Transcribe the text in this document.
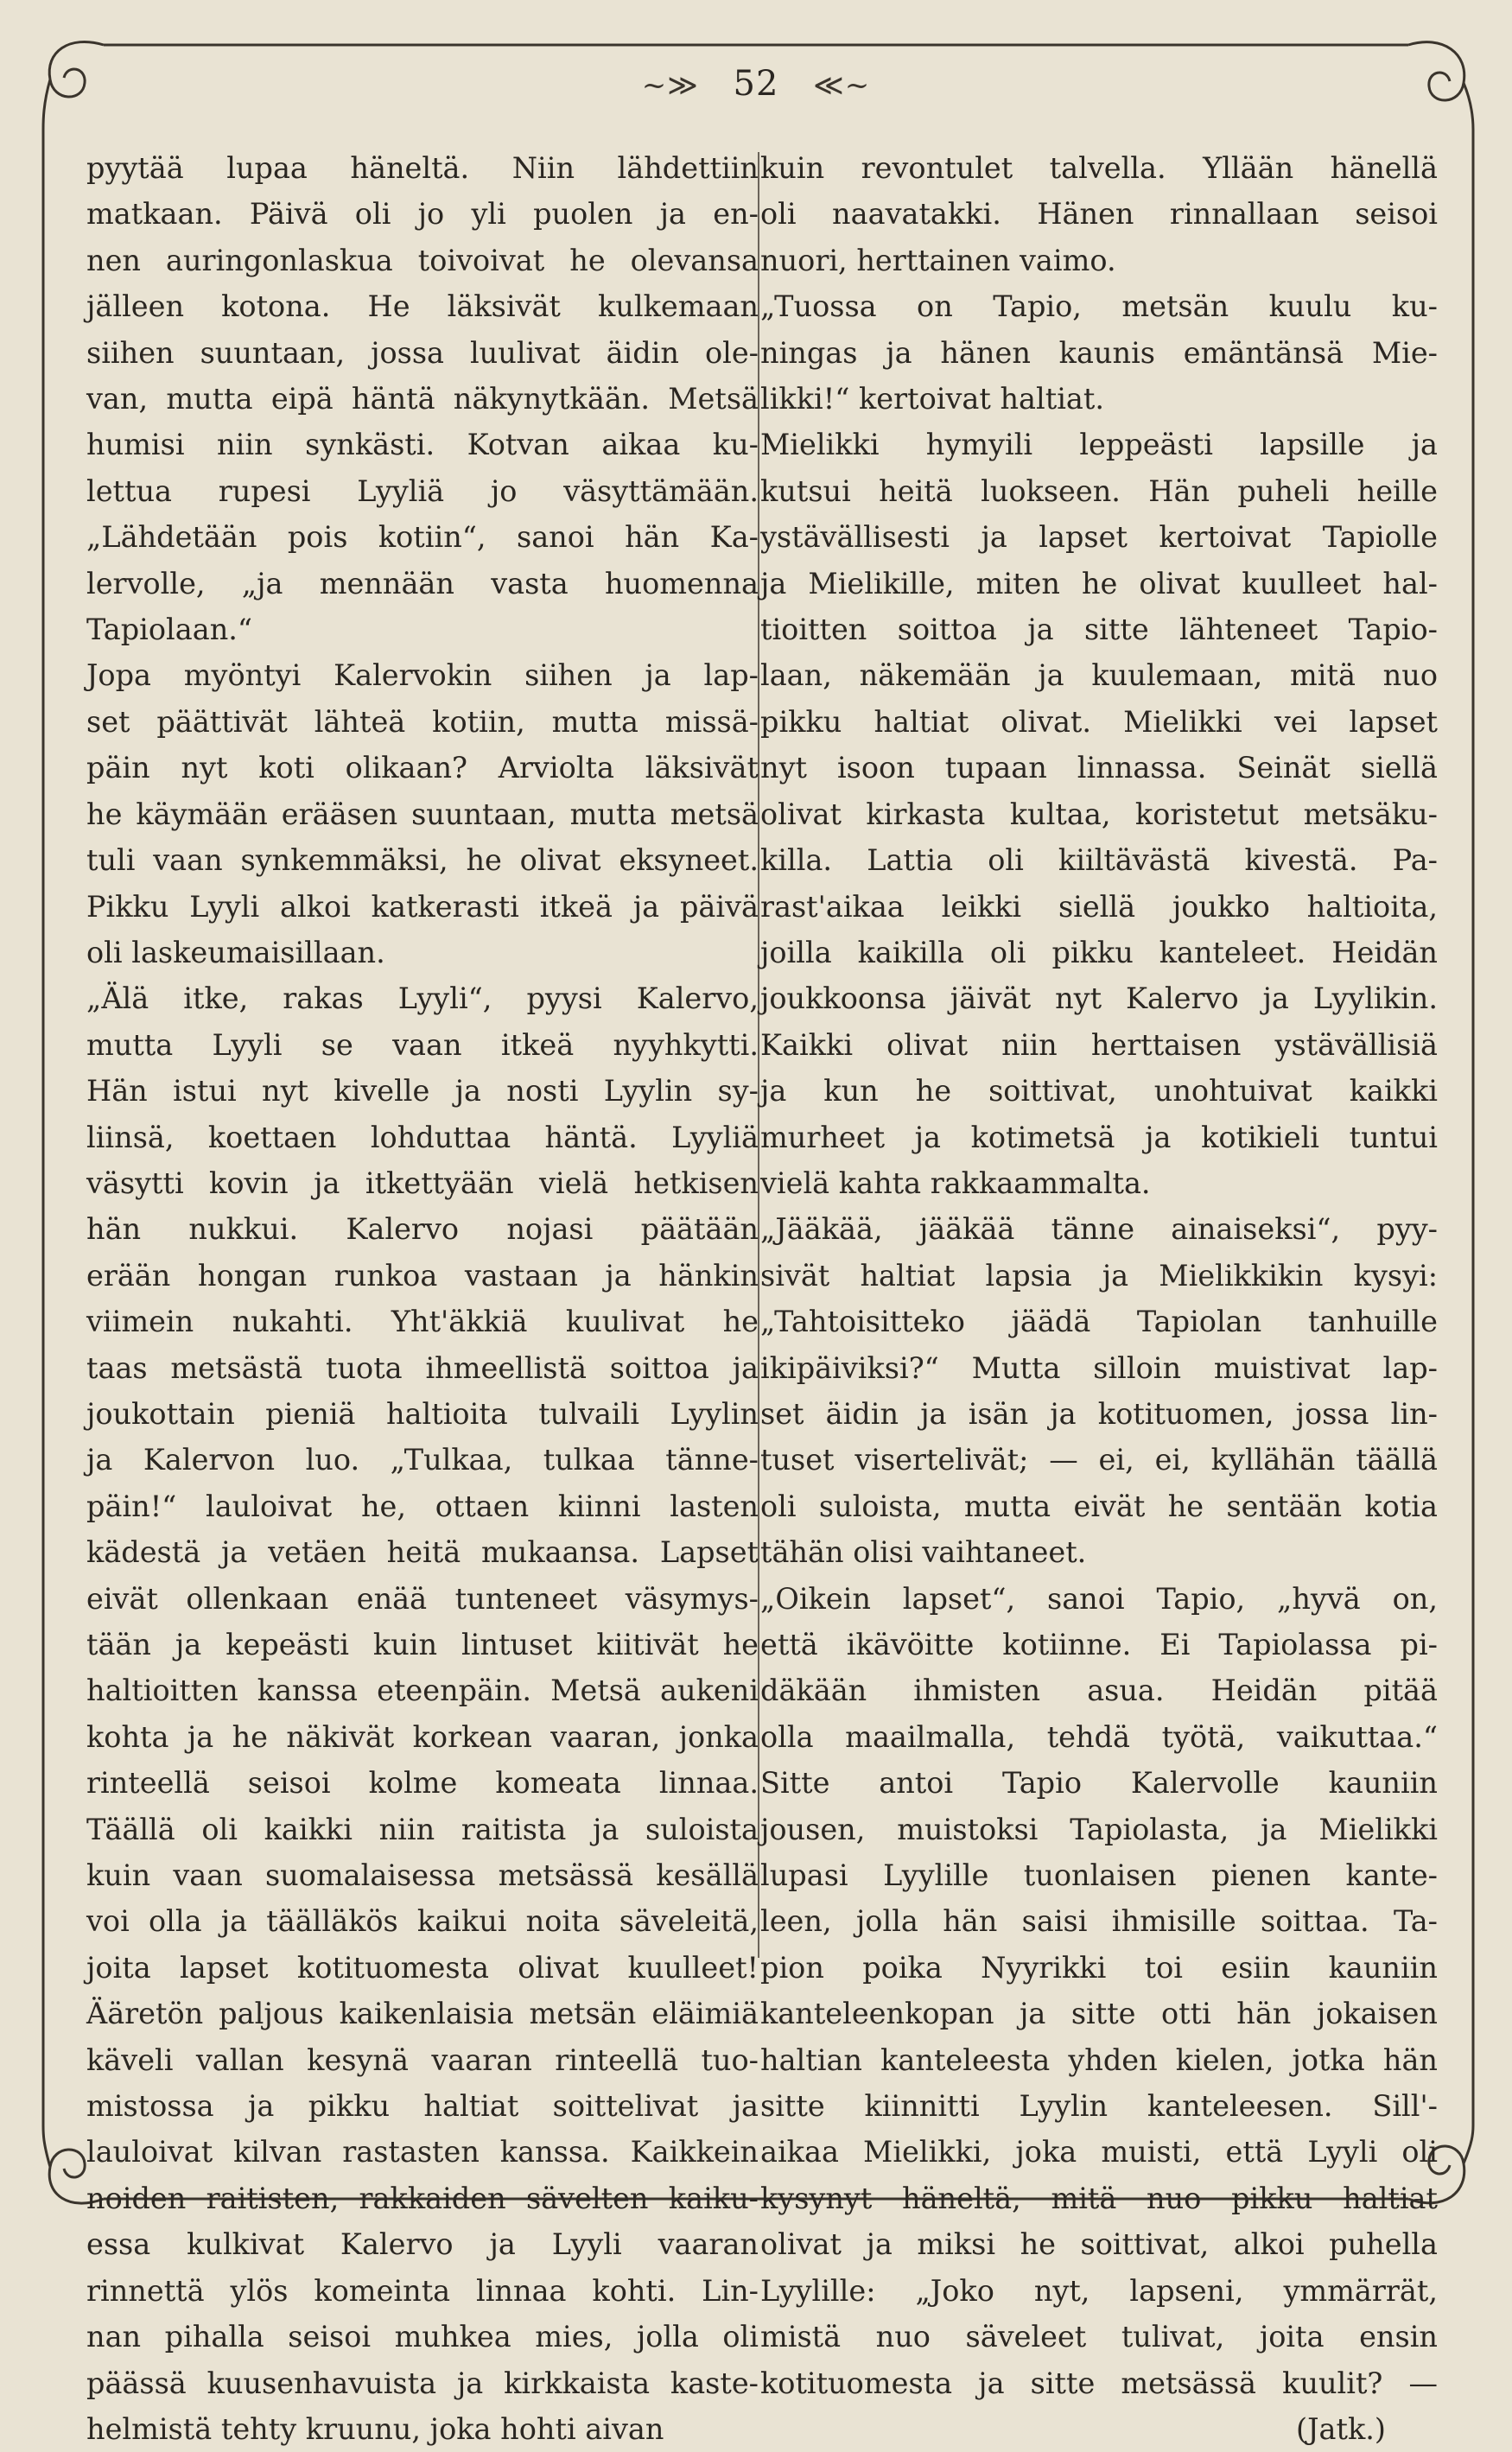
~≫ 52 ≪~
pyytää lupaa häneltä. Niin lähdettiin
matkaan. Päivä oli jo yli puolen ja en-
nen auringonlaskua toivoivat he olevansa
jälleen kotona. He läksivät kulkemaan
siihen suuntaan, jossa luulivat äidin ole-
van, mutta eipä häntä näkynytkään. Metsä
humisi niin synkästi. Kotvan aikaa ku-
lettua rupesi Lyyliä jo väsyttämään.
„Lähdetään pois kotiin“, sanoi hän Ka-
lervolle, „ja mennään vasta huomenna
Tapiolaan.“
Jopa myöntyi Kalervokin siihen ja lap-
set päättivät lähteä kotiin, mutta missä-
päin nyt koti olikaan? Arviolta läksivät
he käymään erääsen suuntaan, mutta metsä
tuli vaan synkemmäksi, he olivat eksyneet.
Pikku Lyyli alkoi katkerasti itkeä ja päivä
oli laskeumaisillaan.
„Älä itke, rakas Lyyli“, pyysi Kalervo,
mutta Lyyli se vaan itkeä nyyhkytti.
Hän istui nyt kivelle ja nosti Lyylin sy-
liinsä, koettaen lohduttaa häntä. Lyyliä
väsytti kovin ja itkettyään vielä hetkisen
hän nukkui. Kalervo nojasi päätään
erään hongan runkoa vastaan ja hänkin
viimein nukahti. Yht'äkkiä kuulivat he
taas metsästä tuota ihmeellistä soittoa ja
joukottain pieniä haltioita tulvaili Lyylin
ja Kalervon luo. „Tulkaa, tulkaa tänne-
päin!“ lauloivat he, ottaen kiinni lasten
kädestä ja vetäen heitä mukaansa. Lapset
eivät ollenkaan enää tunteneet väsymys-
tään ja kepeästi kuin lintuset kiitivät he
haltioitten kanssa eteenpäin. Metsä aukeni
kohta ja he näkivät korkean vaaran, jonka
rinteellä seisoi kolme komeata linnaa.
Täällä oli kaikki niin raitista ja suloista
kuin vaan suomalaisessa metsässä kesällä
voi olla ja täälläkös kaikui noita säveleitä,
joita lapset kotituomesta olivat kuulleet!
Ääretön paljous kaikenlaisia metsän eläimiä
käveli vallan kesynä vaaran rinteellä tuo-
mistossa ja pikku haltiat soittelivat ja
lauloivat kilvan rastasten kanssa. Kaikkein
noiden raitisten, rakkaiden sävelten kaiku-
essa kulkivat Kalervo ja Lyyli vaaran
rinnettä ylös komeinta linnaa kohti. Lin-
nan pihalla seisoi muhkea mies, jolla oli
päässä kuusenhavuista ja kirkkaista kaste-
helmistä tehty kruunu, joka hohti aivan
kuin revontulet talvella. Yllään hänellä
oli naavatakki. Hänen rinnallaan seisoi
nuori, herttainen vaimo.
„Tuossa on Tapio, metsän kuulu ku-
ningas ja hänen kaunis emäntänsä Mie-
likki!“ kertoivat haltiat.
Mielikki hymyili leppeästi lapsille ja
kutsui heitä luokseen. Hän puheli heille
ystävällisesti ja lapset kertoivat Tapiolle
ja Mielikille, miten he olivat kuulleet hal-
tioitten soittoa ja sitte lähteneet Tapio-
laan, näkemään ja kuulemaan, mitä nuo
pikku haltiat olivat. Mielikki vei lapset
nyt isoon tupaan linnassa. Seinät siellä
olivat kirkasta kultaa, koristetut metsäku-
killa. Lattia oli kiiltävästä kivestä. Pa-
rast'aikaa leikki siellä joukko haltioita,
joilla kaikilla oli pikku kanteleet. Heidän
joukkoonsa jäivät nyt Kalervo ja Lyylikin.
Kaikki olivat niin herttaisen ystävällisiä
ja kun he soittivat, unohtuivat kaikki
murheet ja kotimetsä ja kotikieli tuntui
vielä kahta rakkaammalta.
„Jääkää, jääkää tänne ainaiseksi“, pyy-
sivät haltiat lapsia ja Mielikkikin kysyi:
„Tahtoisitteko jäädä Tapiolan tanhuille
ikipäiviksi?“ Mutta silloin muistivat lap-
set äidin ja isän ja kotituomen, jossa lin-
tuset visertelivät; — ei, ei, kyllähän täällä
oli suloista, mutta eivät he sentään kotia
tähän olisi vaihtaneet.
„Oikein lapset“, sanoi Tapio, „hyvä on,
että ikävöitte kotiinne. Ei Tapiolassa pi-
däkään ihmisten asua. Heidän pitää
olla maailmalla, tehdä työtä, vaikuttaa.“
Sitte antoi Tapio Kalervolle kauniin
jousen, muistoksi Tapiolasta, ja Mielikki
lupasi Lyylille tuonlaisen pienen kante-
leen, jolla hän saisi ihmisille soittaa. Ta-
pion poika Nyyrikki toi esiin kauniin
kanteleenkopan ja sitte otti hän jokaisen
haltian kanteleesta yhden kielen, jotka hän
sitte kiinnitti Lyylin kanteleesen. Sill'-
aikaa Mielikki, joka muisti, että Lyyli oli
kysynyt häneltä, mitä nuo pikku haltiat
olivat ja miksi he soittivat, alkoi puhella
Lyylille: „Joko nyt, lapseni, ymmärrät,
mistä nuo säveleet tulivat, joita ensin
kotituomesta ja sitte metsässä kuulit? —
(Jatk.)
